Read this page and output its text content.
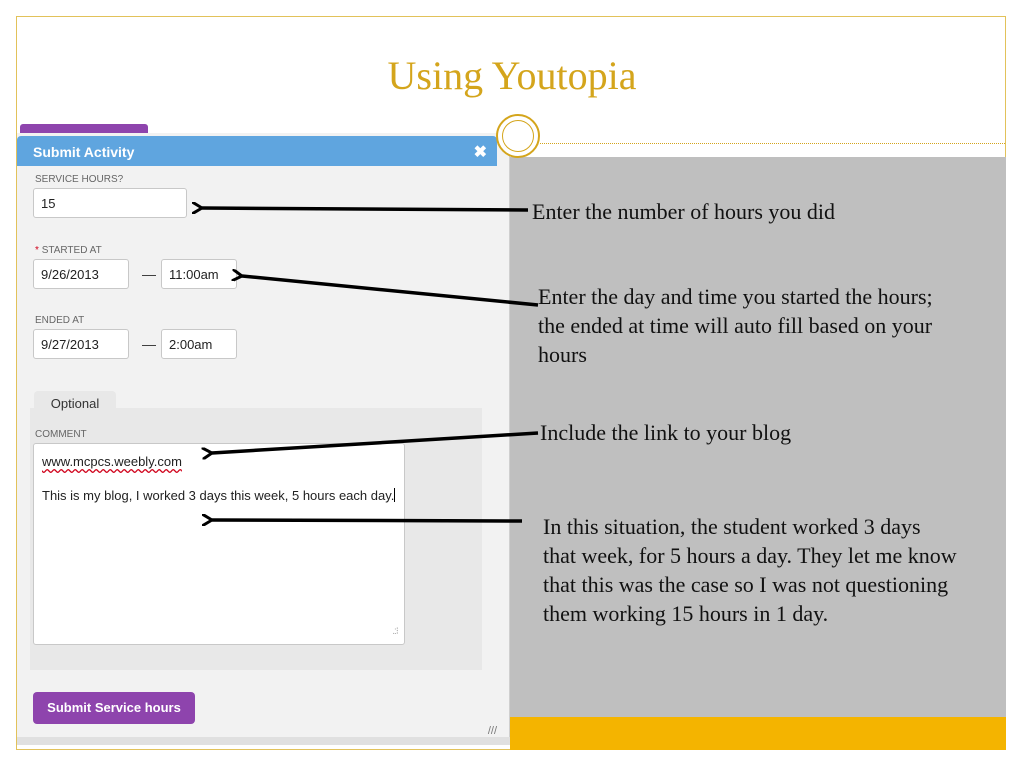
Using Youtopia
Submit Activity	✖
SERVICE HOURS?
15
* STARTED AT
9/26/2013	—	11:00am
ENDED AT
9/27/2013	—	2:00am
Optional
COMMENT
www.mcpcs.weebly.com
This is my blog, I worked 3 days this week, 5 hours each day.
.:⁝
Submit Service hours
///
Enter the number of hours you did
Enter the day and time you started the hours; the ended at time will auto fill based on your hours
Include the link to your blog
In this situation, the student worked 3 days that week, for 5 hours a day. They let me know that this was the case so I was not questioning them working 15 hours in 1 day.
